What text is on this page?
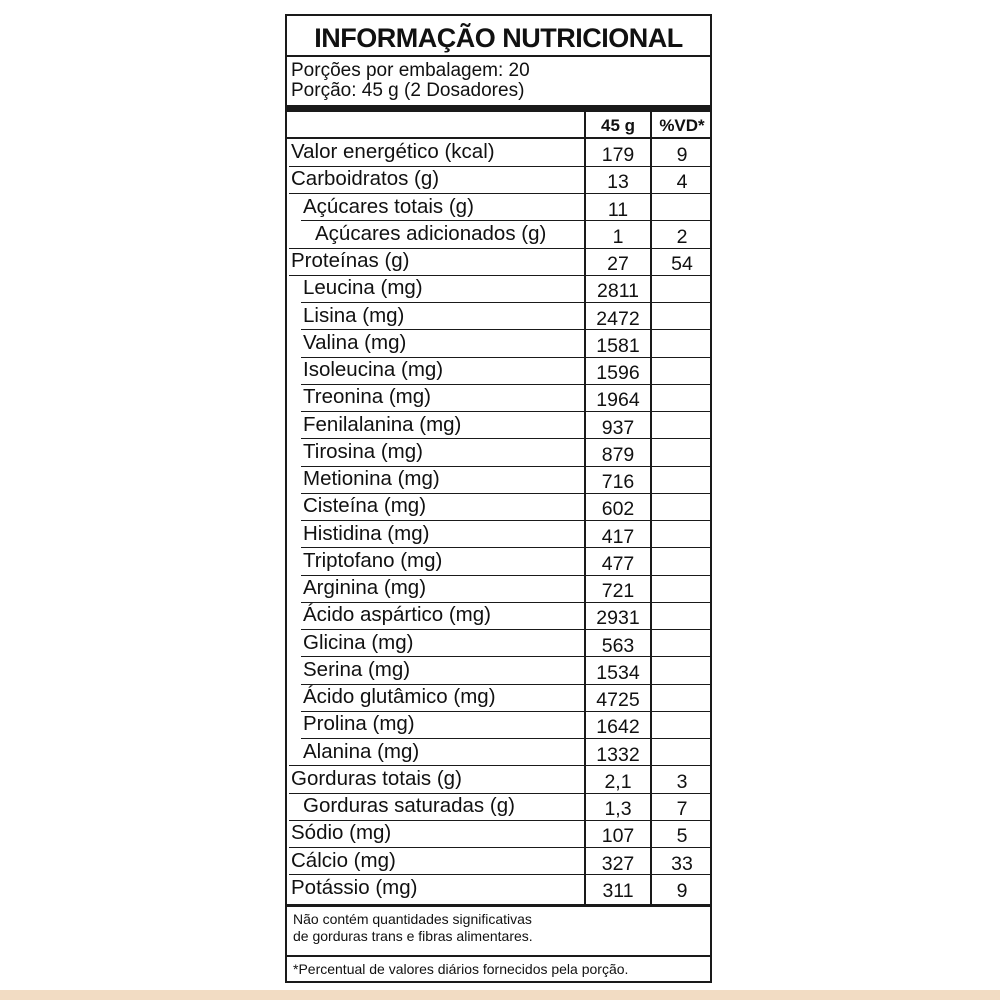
INFORMAÇÃO NUTRICIONAL
Porções por embalagem: 20
Porção: 45 g (2 Dosadores)
45 g	%VD*
Valor energético (kcal)	179	9
Carboidratos (g)	13	4
Açúcares totais (g)	11
Açúcares adicionados (g)	1	2
Proteínas (g)	27	54
Leucina (mg)	2811
Lisina (mg)	2472
Valina (mg)	1581
Isoleucina (mg)	1596
Treonina (mg)	1964
Fenilalanina (mg)	937
Tirosina (mg)	879
Metionina (mg)	716
Cisteína (mg)	602
Histidina (mg)	417
Triptofano (mg)	477
Arginina (mg)	721
Ácido aspártico (mg)	2931
Glicina (mg)	563
Serina (mg)	1534
Ácido glutâmico (mg)	4725
Prolina (mg)	1642
Alanina (mg)	1332
Gorduras totais (g)	2,1	3
Gorduras saturadas (g)	1,3	7
Sódio (mg)	107	5
Cálcio (mg)	327	33
Potássio (mg)	311	9
Não contém quantidades significativas
de gorduras trans e fibras alimentares.
*Percentual de valores diários fornecidos pela porção.
